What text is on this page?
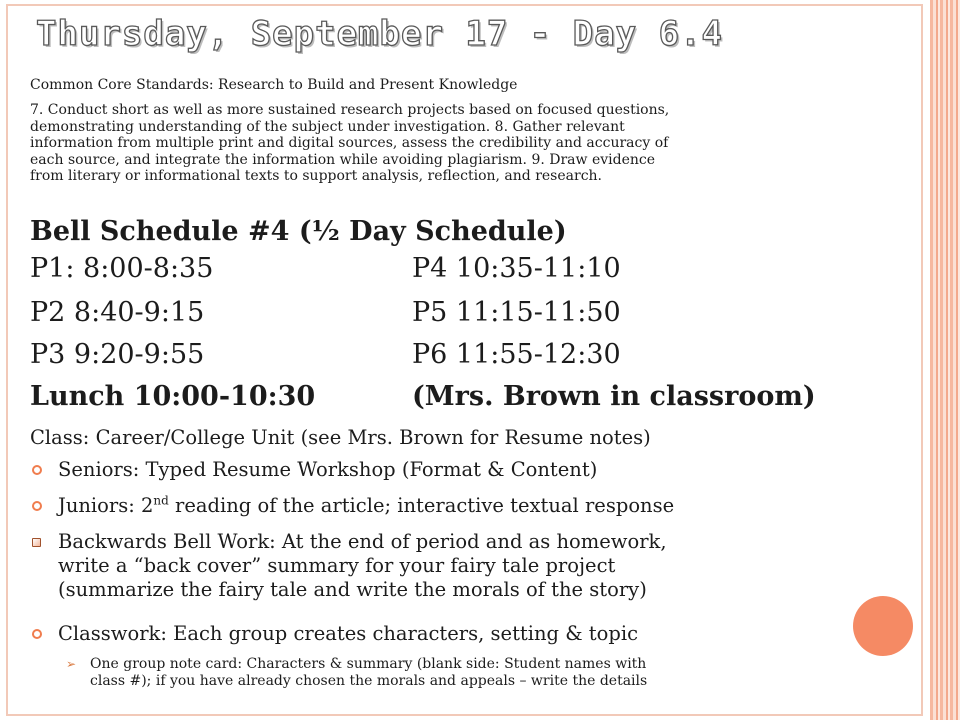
Thursday, September 17 - Day 6.4

Common Core Standards: Research to Build and Present Knowledge

7. Conduct short as well as more sustained research projects based on focused questions,
demonstrating understanding of the subject under investigation. 8. Gather relevant
information from multiple print and digital sources, assess the credibility and accuracy of
each source, and integrate the information while avoiding plagiarism. 9. Draw evidence
from literary or informational texts to support analysis, reflection, and research.
Bell Schedule #4 (½ Day Schedule)
P1: 8:00-8:35	P4 10:35-11:10
P2 8:40-9:15	P5 11:15-11:50
P3 9:20-9:55	P6 11:55-12:30
Lunch 10:00-10:30	(Mrs. Brown in classroom)

Class: Career/College Unit (see Mrs. Brown for Resume notes)

Seniors: Typed Resume Workshop (Format & Content)
Juniors: 2nd reading of the article; interactive textual response
Backwards Bell Work: At the end of period and as homework,
write a “back cover” summary for your fairy tale project
(summarize the fairy tale and write the morals of the story)
Classwork: Each group creates characters, setting & topic
➢ One group note card: Characters & summary (blank side: Student names with
class #); if you have already chosen the morals and appeals – write the details
